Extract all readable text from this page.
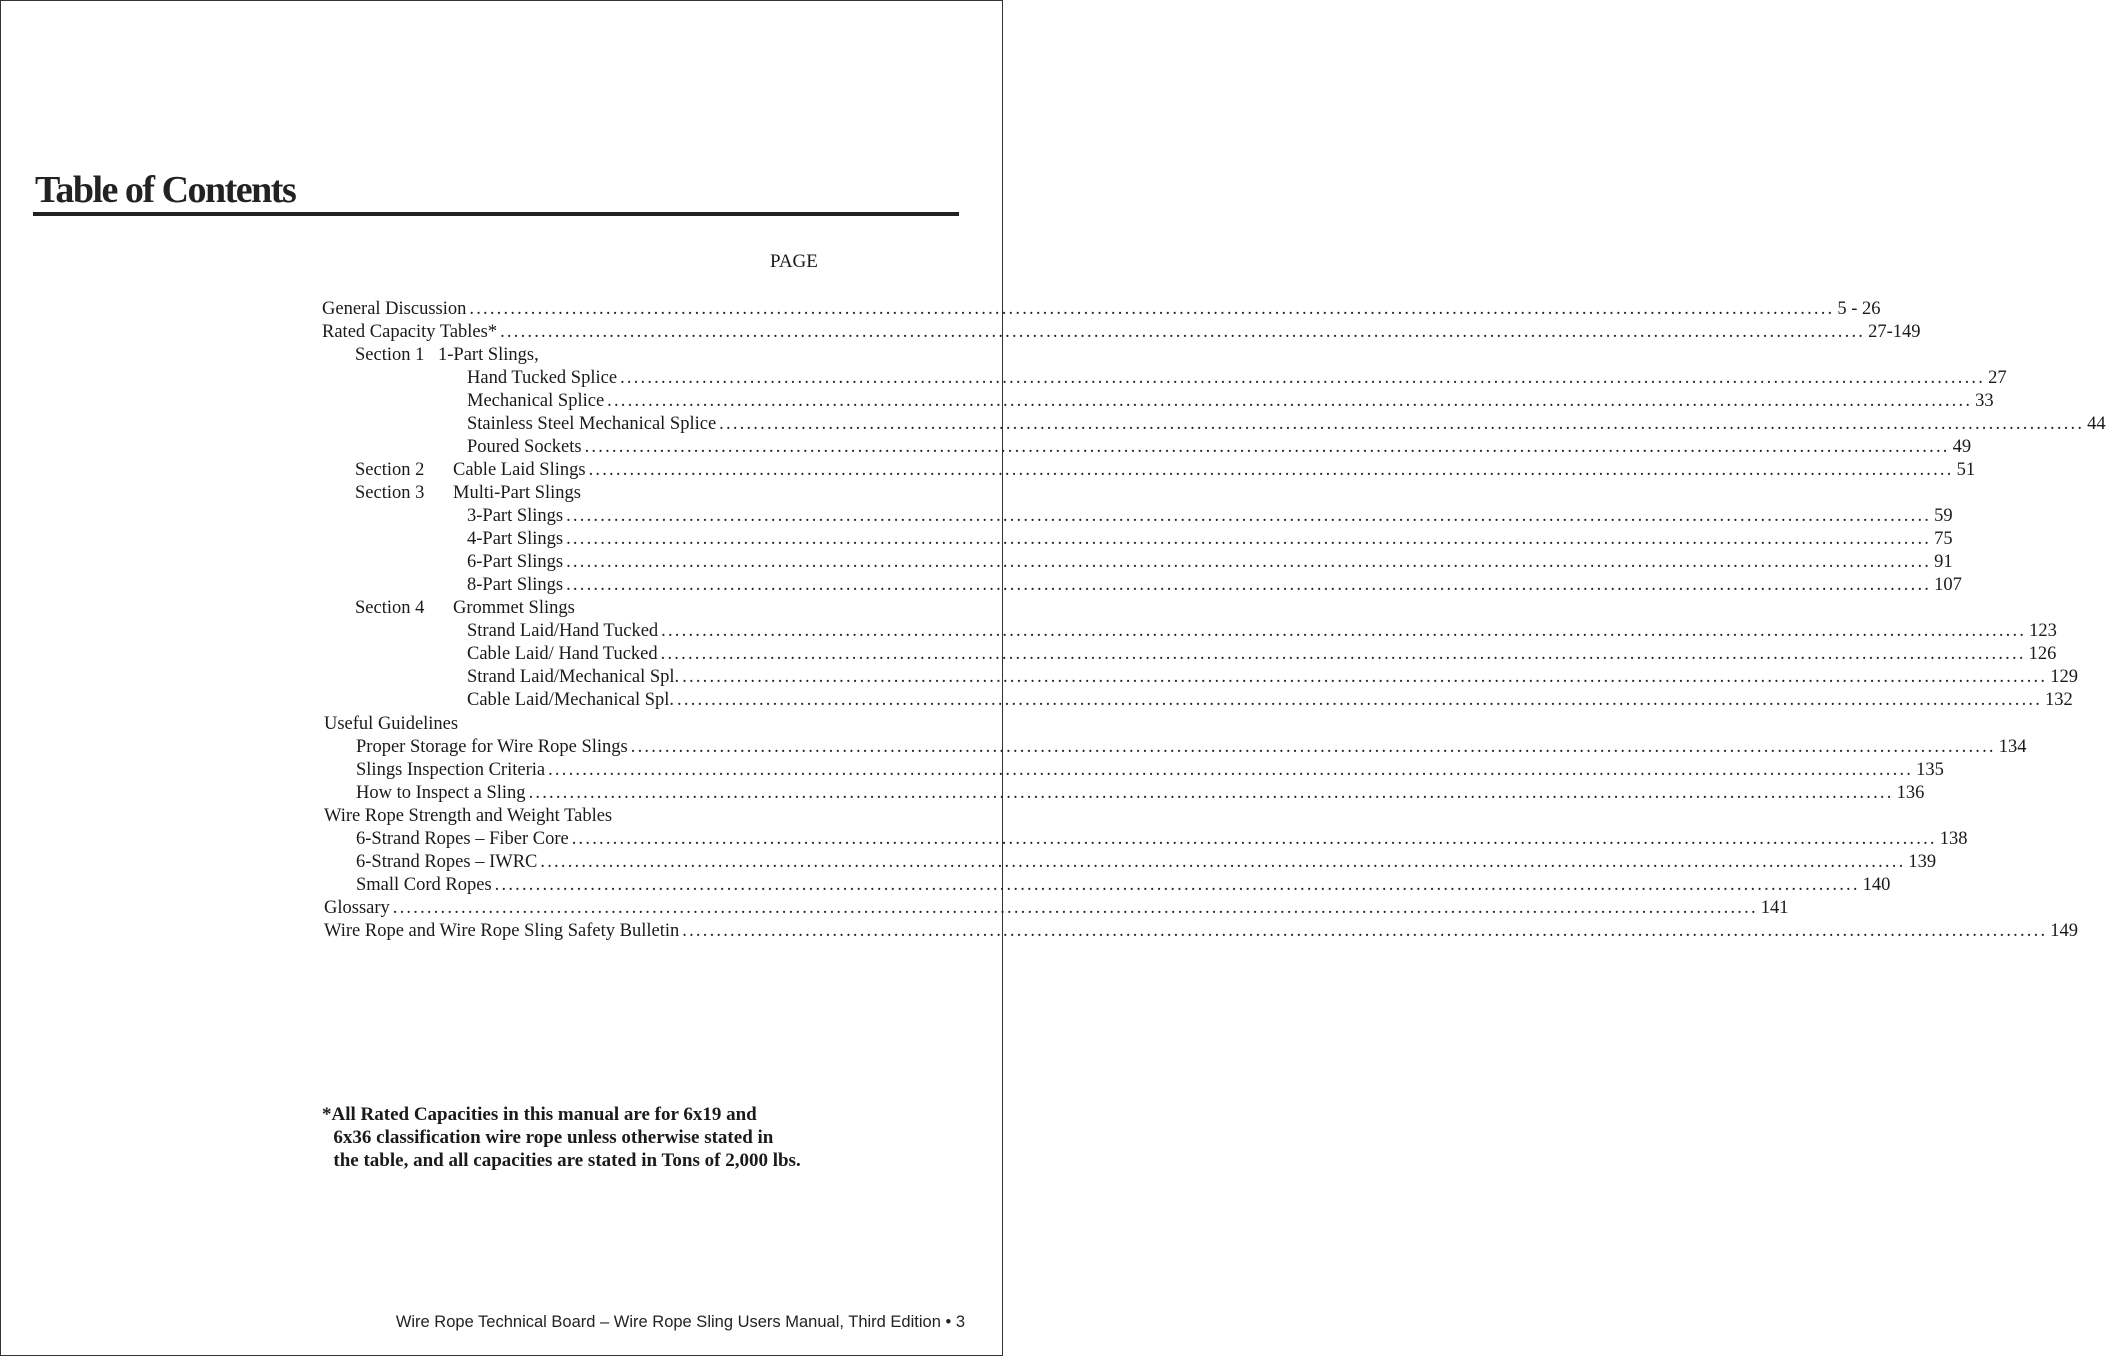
Table of Contents
PAGE
General Discussion ........................................................................................................................................................................................................ 5 - 26
Rated Capacity Tables* ........................................................................................................................................................................................................ 27-149
Section 1 1-Part Slings,
Hand Tucked Splice ........................................................................................................................................................................................................ 27
Mechanical Splice ........................................................................................................................................................................................................ 33
Stainless Steel Mechanical Splice ........................................................................................................................................................................................................ 44
Poured Sockets ........................................................................................................................................................................................................ 49
Section 2 Cable Laid Slings ........................................................................................................................................................................................................ 51
Section 3 Multi-Part Slings
3-Part Slings ........................................................................................................................................................................................................ 59
4-Part Slings ........................................................................................................................................................................................................ 75
6-Part Slings ........................................................................................................................................................................................................ 91
8-Part Slings ........................................................................................................................................................................................................ 107
Section 4 Grommet Slings
Strand Laid/Hand Tucked ........................................................................................................................................................................................................ 123
Cable Laid/ Hand Tucked ........................................................................................................................................................................................................ 126
Strand Laid/Mechanical Spl. ........................................................................................................................................................................................................ 129
Cable Laid/Mechanical Spl. ........................................................................................................................................................................................................ 132
Useful Guidelines
Proper Storage for Wire Rope Slings ........................................................................................................................................................................................................ 134
Slings Inspection Criteria ........................................................................................................................................................................................................ 135
How to Inspect a Sling ........................................................................................................................................................................................................ 136
Wire Rope Strength and Weight Tables
6-Strand Ropes – Fiber Core ........................................................................................................................................................................................................ 138
6-Strand Ropes – IWRC ........................................................................................................................................................................................................ 139
Small Cord Ropes ........................................................................................................................................................................................................ 140
Glossary ........................................................................................................................................................................................................ 141
Wire Rope and Wire Rope Sling Safety Bulletin ........................................................................................................................................................................................................ 149
*All Rated Capacities in this manual are for 6x19 and
6x36 classification wire rope unless otherwise stated in
the table, and all capacities are stated in Tons of 2,000 lbs.
Wire Rope Technical Board – Wire Rope Sling Users Manual, Third Edition • 3
